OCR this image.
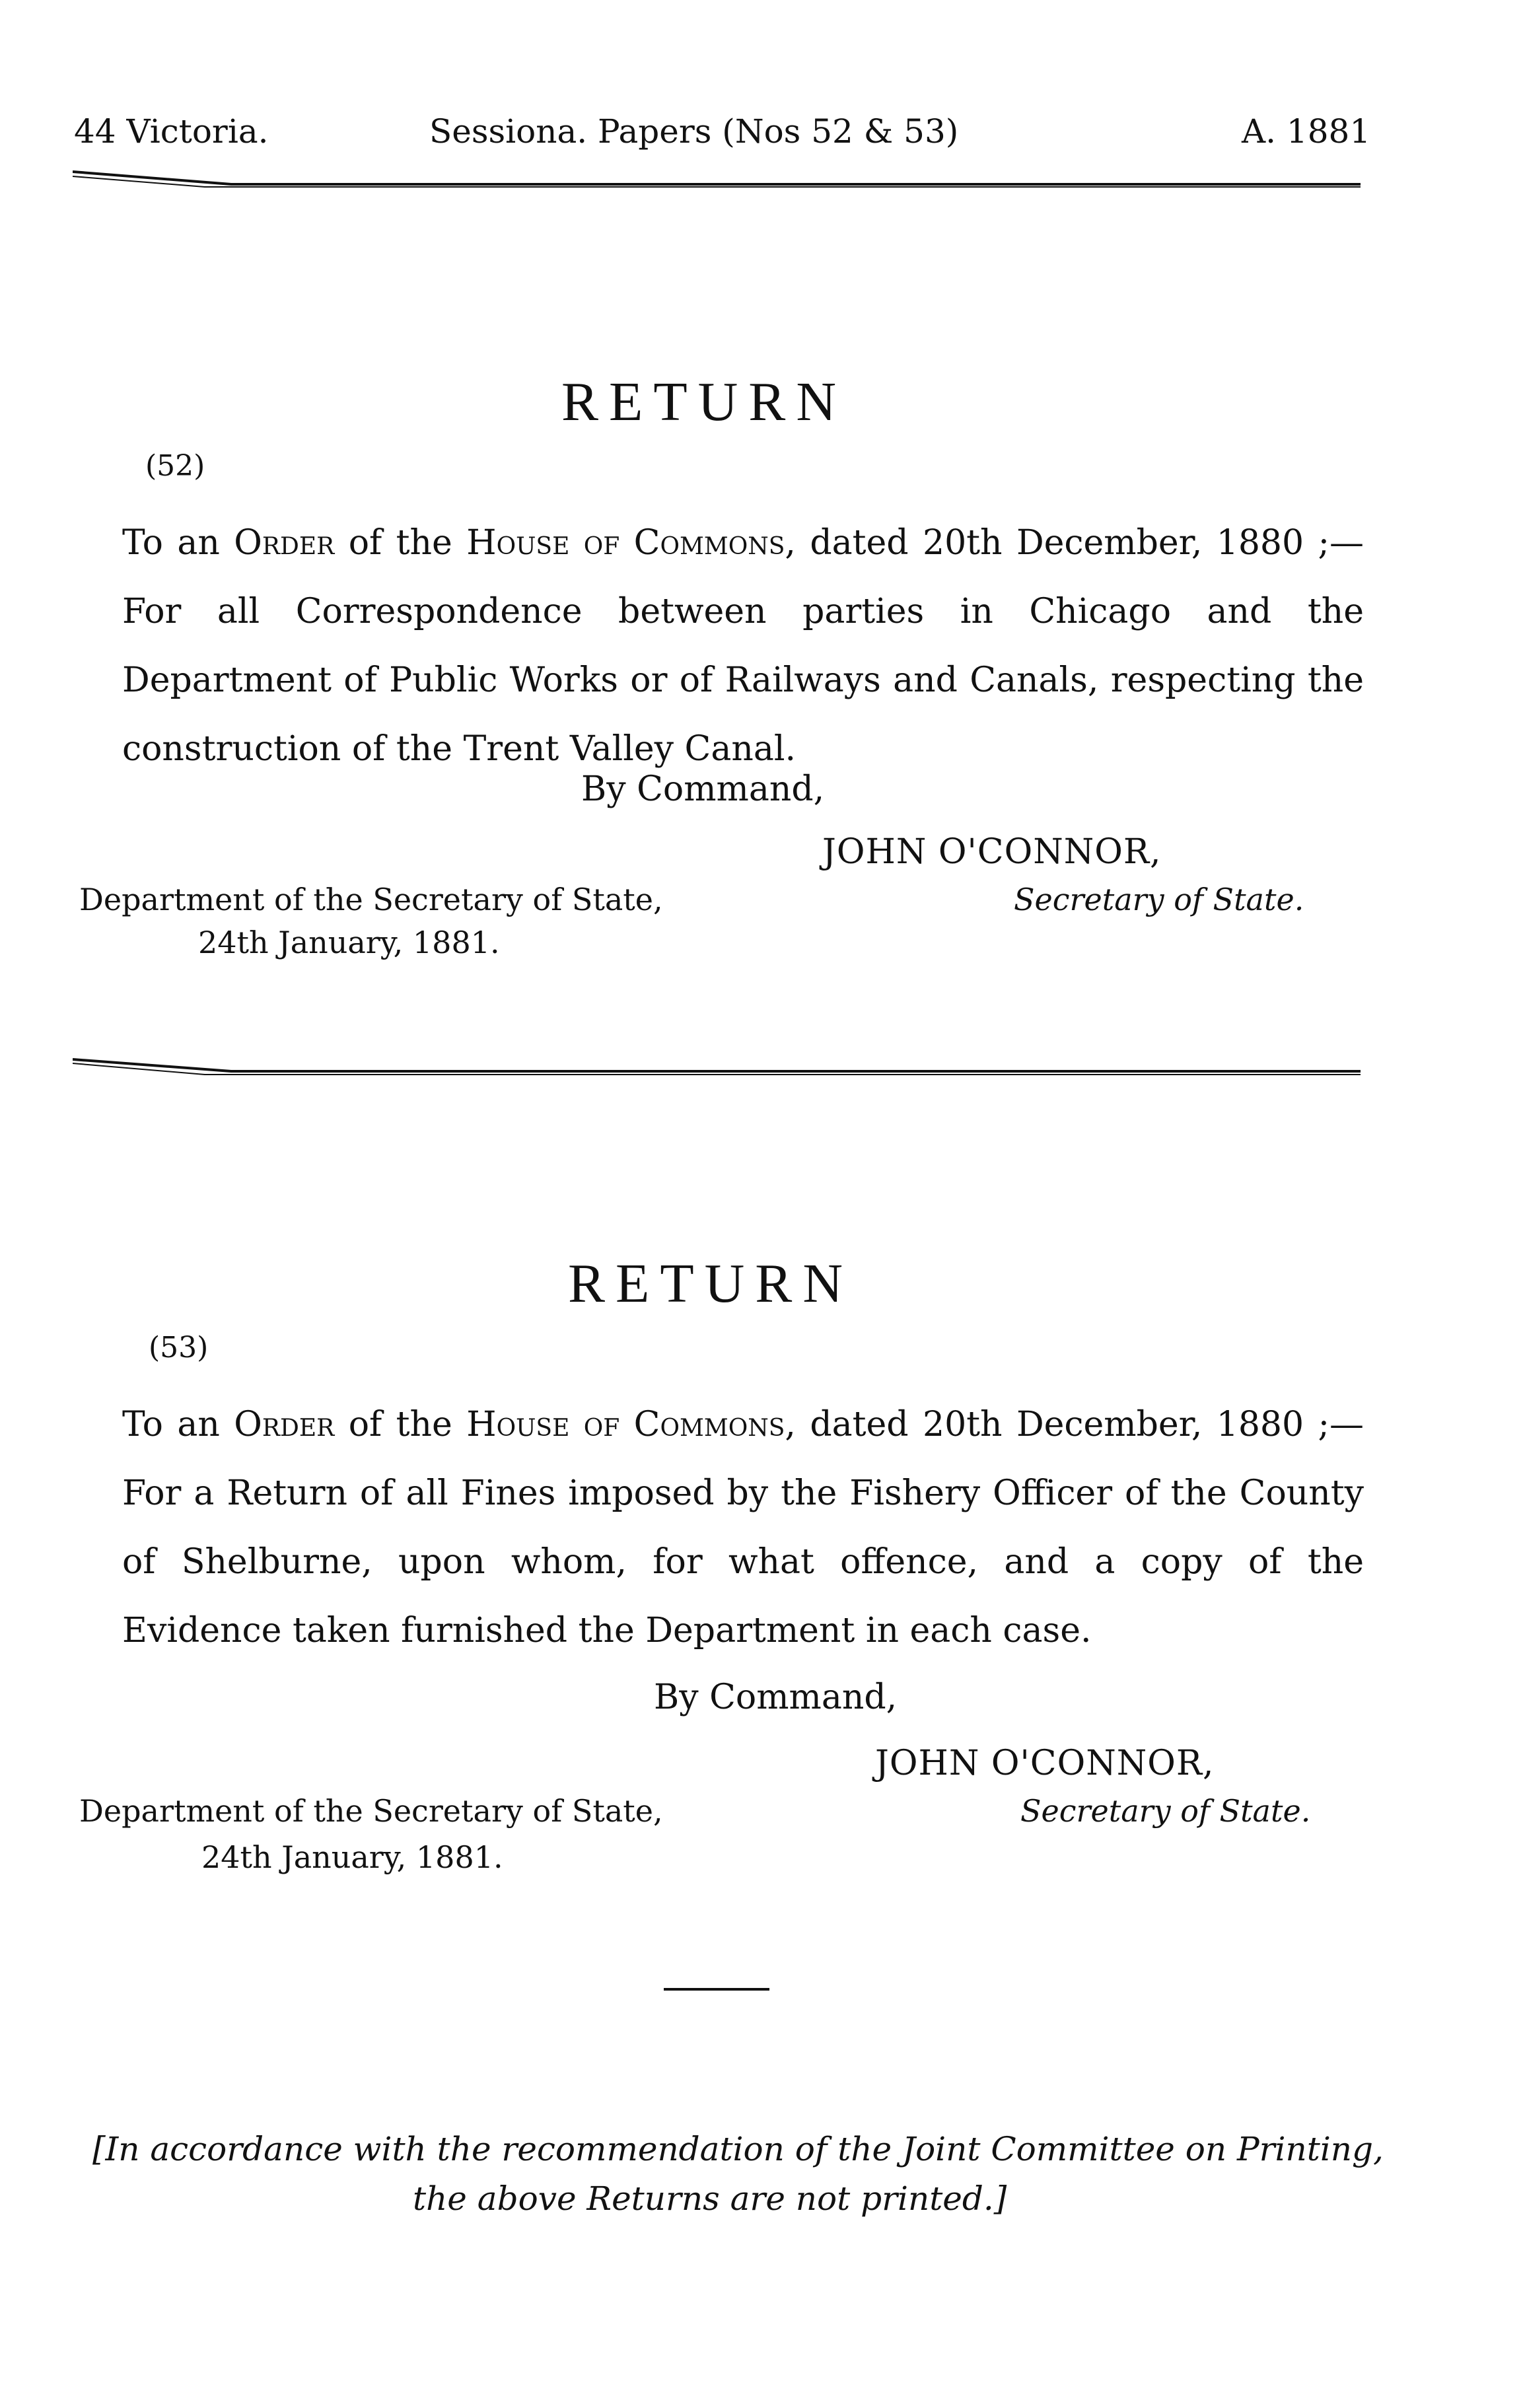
44 Victoria.	Sessiona. Papers (Nos 52 & 53)	A. 1881
RETURN
(52)
To an Order of the House of Commons, dated 20th December, 1880 ;—For all Correspondence between parties in Chicago and the Department of Public Works or of Railways and Canals, respecting the construction of the Trent Valley Canal.
By Command,
JOHN O'CONNOR,
Department of the Secretary of State,	Secretary of State.
24th January, 1881.
RETURN
(53)
To an Order of the House of Commons, dated 20th December, 1880 ;—For a Return of all Fines imposed by the Fishery Officer of the County of Shelburne, upon whom, for what offence, and a copy of the Evidence taken furnished the Department in each case.
By Command,
JOHN O'CONNOR,
Department of the Secretary of State,	Secretary of State.
24th January, 1881.
[In accordance with the recommendation of the Joint Committee on Printing,
the above Returns are not printed.]
